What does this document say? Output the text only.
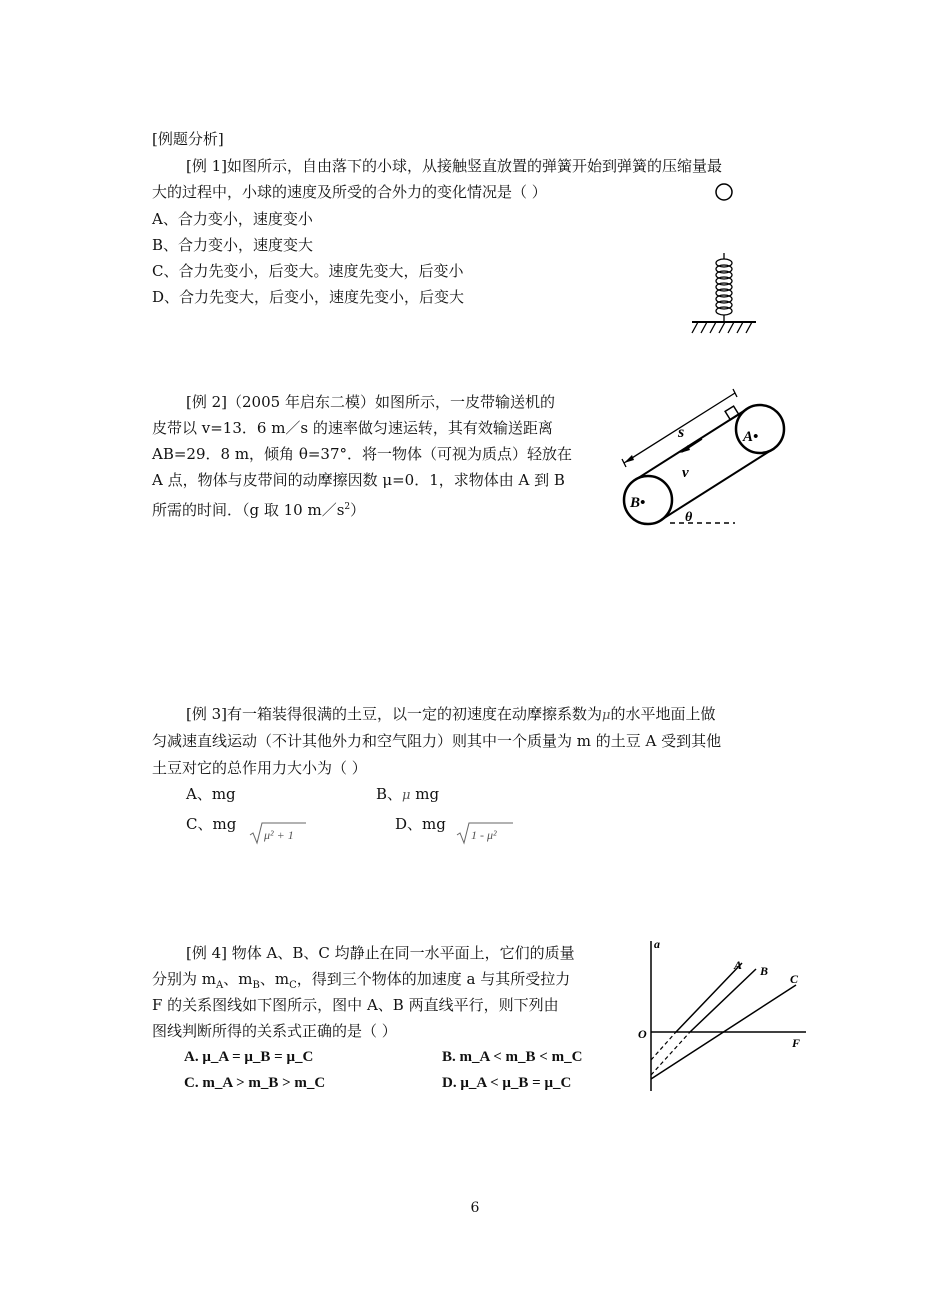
[例题分析]
[例 1]如图所示，自由落下的小球，从接触竖直放置的弹簧开始到弹簧的压缩量最
大的过程中，小球的速度及所受的合外力的变化情况是（ ）
A、合力变小，速度变小
B、合力变小，速度变大
C、合力先变小，后变大。速度先变大，后变小
D、合力先变大，后变小，速度先变小，后变大
[例 2]（2005 年启东二模）如图所示，一皮带输送机的
皮带以 v=13．6 m／s 的速率做匀速运转，其有效输送距离
AB=29．8 m，倾角 θ=37°．将一物体（可视为质点）轻放在
A 点，物体与皮带间的动摩擦因数 μ=0．1，求物体由 A 到 B
所需的时间．（g 取 10 $m/s^2$）
s	A•
B•
v
θ
[例 3]有一箱装得很满的土豆，以一定的初速度在动摩擦系数为μ的水平地面上做
匀减速直线运动（不计其他外力和空气阻力）则其中一个质量为 m 的土豆 A 受到其他
土豆对它的总作用力大小为（ ）
A、mg	B、μ mg
C、mg	D、mg
μ² + 1	1 - μ²
[例 4] 物体 A、B、C 均静止在同一水平面上，它们的质量
分别为 $m_A$、$m_B$、$m_C$，得到三个物体的加速度 a 与其所受拉力
F 的关系图线如下图所示，图中 A、B 两直线平行，则下列由
图线判断所得的关系式正确的是（ ）
A. μ_A = μ_B = μ_C	B. m_A < m_B < m_C
C. m_A > m_B > m_C	D. μ_A < μ_B = μ_C
a
O
F
A B
C
6
